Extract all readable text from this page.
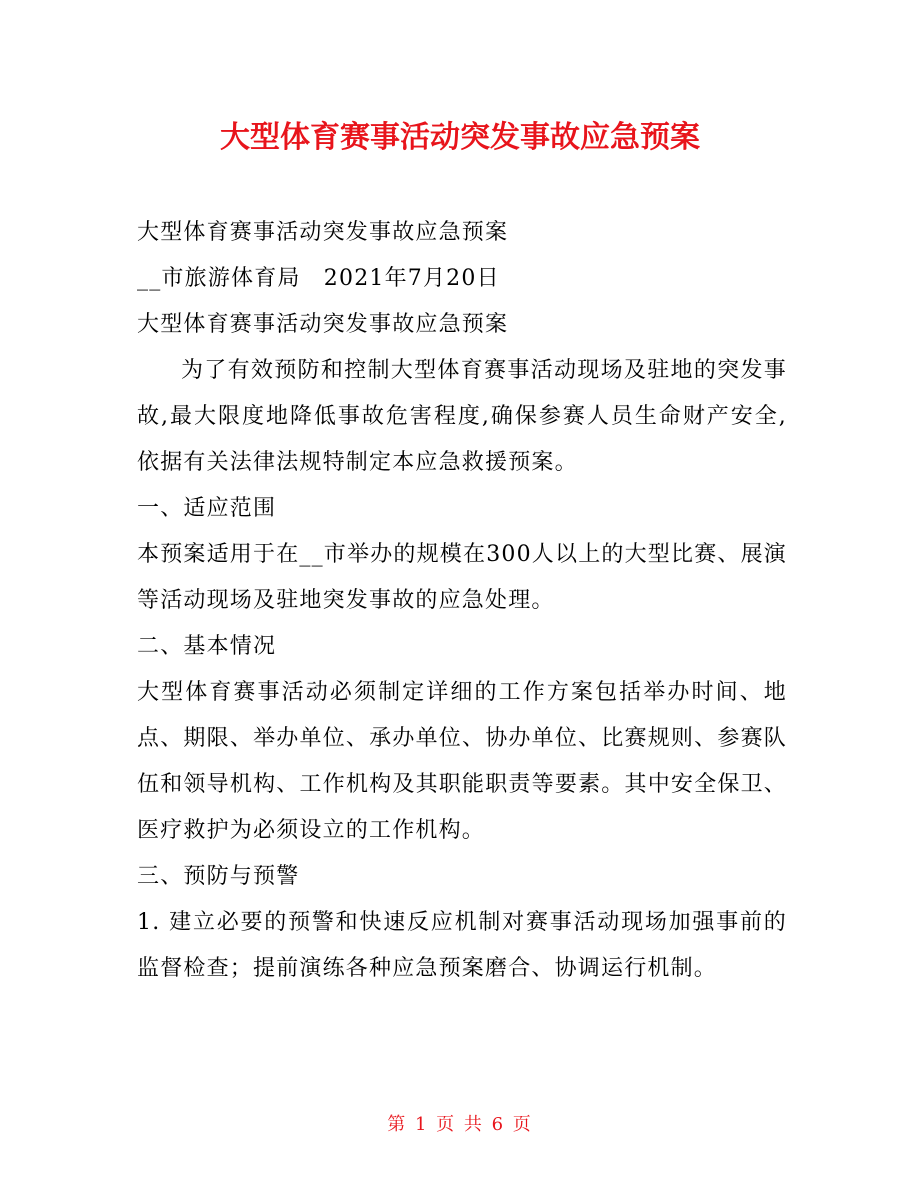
大型体育赛事活动突发事故应急预案

大型体育赛事活动突发事故应急预案

__市旅游体育局　2021年7月20日

大型体育赛事活动突发事故应急预案

为了有效预防和控制大型体育赛事活动现场及驻地的突发事故,最大限度地降低事故危害程度,确保参赛人员生命财产安全,依据有关法律法规特制定本应急救援预案。

一、适应范围

本预案适用于在__市举办的规模在300人以上的大型比赛、展演等活动现场及驻地突发事故的应急处理。

二、基本情况

大型体育赛事活动必须制定详细的工作方案包括举办时间、地点、期限、举办单位、承办单位、协办单位、比赛规则、参赛队伍和领导机构、工作机构及其职能职责等要素。其中安全保卫、医疗救护为必须设立的工作机构。

三、预防与预警

1. 建立必要的预警和快速反应机制对赛事活动现场加强事前的监督检查；提前演练各种应急预案磨合、协调运行机制。

第 1 页 共 6 页
